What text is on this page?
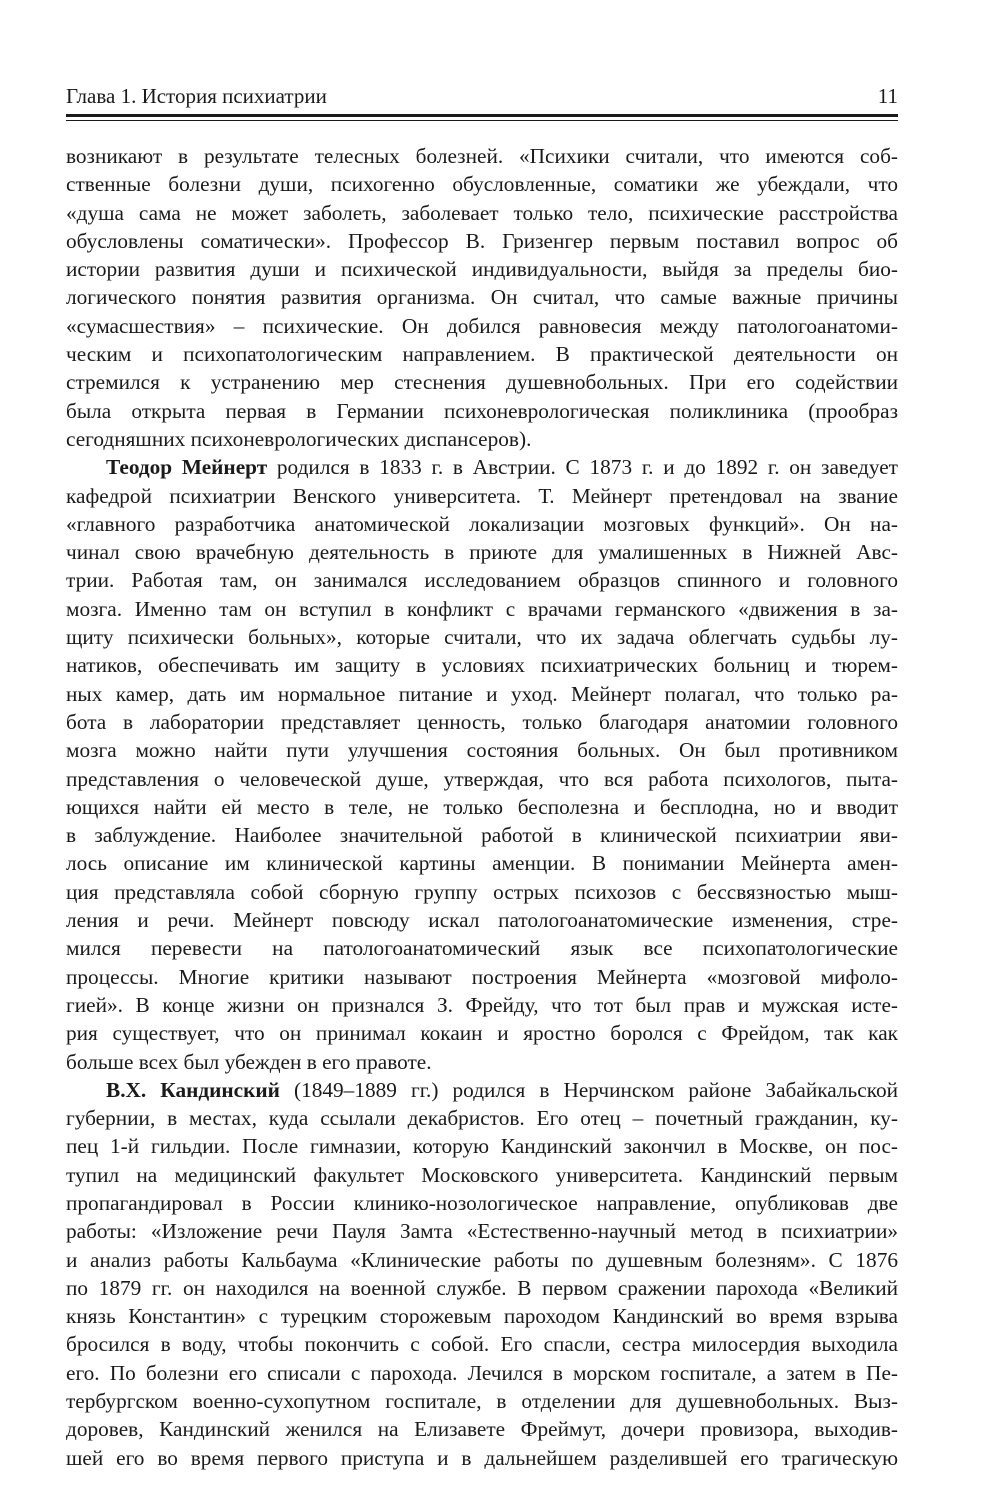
Глава 1. История психиатрии	11
возникают в результате телесных болезней. «Психики считали, что имеются соб-
ственные болезни души, психогенно обусловленные, соматики же убеждали, что
«душа сама не может заболеть, заболевает только тело, психические расстройства
обусловлены соматически». Профессор В. Гризенгер первым поставил вопрос об
истории развития души и психической индивидуальности, выйдя за пределы био-
логического понятия развития организма. Он считал, что самые важные причины
«сумасшествия» – психические. Он добился равновесия между патологоанатоми-
ческим и психопатологическим направлением. В практической деятельности он
стремился к устранению мер стеснения душевнобольных. При его содействии
была открыта первая в Германии психоневрологическая поликлиника (прообраз
сегодняшних психоневрологических диспансеров).
Теодор Мейнерт родился в 1833 г. в Австрии. С 1873 г. и до 1892 г. он заведует
кафедрой психиатрии Венского университета. Т. Мейнерт претендовал на звание
«главного разработчика анатомической локализации мозговых функций». Он на-
чинал свою врачебную деятельность в приюте для умалишенных в Нижней Авс-
трии. Работая там, он занимался исследованием образцов спинного и головного
мозга. Именно там он вступил в конфликт с врачами германского «движения в за-
щиту психически больных», которые считали, что их задача облегчать судьбы лу-
натиков, обеспечивать им защиту в условиях психиатрических больниц и тюрем-
ных камер, дать им нормальное питание и уход. Мейнерт полагал, что только ра-
бота в лаборатории представляет ценность, только благодаря анатомии головного
мозга можно найти пути улучшения состояния больных. Он был противником
представления о человеческой душе, утверждая, что вся работа психологов, пыта-
ющихся найти ей место в теле, не только бесполезна и бесплодна, но и вводит
в заблуждение. Наиболее значительной работой в клинической психиатрии яви-
лось описание им клинической картины аменции. В понимании Мейнерта амен-
ция представляла собой сборную группу острых психозов с бессвязностью мыш-
ления и речи. Мейнерт повсюду искал патологоанатомические изменения, стре-
мился перевести на патологоанатомический язык все психопатологические
процессы. Многие критики называют построения Мейнерта «мозговой мифоло-
гией». В конце жизни он признался З. Фрейду, что тот был прав и мужская исте-
рия существует, что он принимал кокаин и яростно боролся с Фрейдом, так как
больше всех был убежден в его правоте.
В.Х. Кандинский (1849–1889 гг.) родился в Нерчинском районе Забайкальской
губернии, в местах, куда ссылали декабристов. Его отец – почетный гражданин, ку-
пец 1-й гильдии. После гимназии, которую Кандинский закончил в Москве, он пос-
тупил на медицинский факультет Московского университета. Кандинский первым
пропагандировал в России клинико-нозологическое направление, опубликовав две
работы: «Изложение речи Пауля Замта «Естественно-научный метод в психиатрии»
и анализ работы Кальбаума «Клинические работы по душевным болезням». С 1876
по 1879 гг. он находился на военной службе. В первом сражении парохода «Великий
князь Константин» с турецким сторожевым пароходом Кандинский во время взрыва
бросился в воду, чтобы покончить с собой. Его спасли, сестра милосердия выходила
его. По болезни его списали с парохода. Лечился в морском госпитале, а затем в Пе-
тербургском военно-сухопутном госпитале, в отделении для душевнобольных. Выз-
доровев, Кандинский женился на Елизавете Фреймут, дочери провизора, выходив-
шей его во время первого приступа и в дальнейшем разделившей его трагическую
